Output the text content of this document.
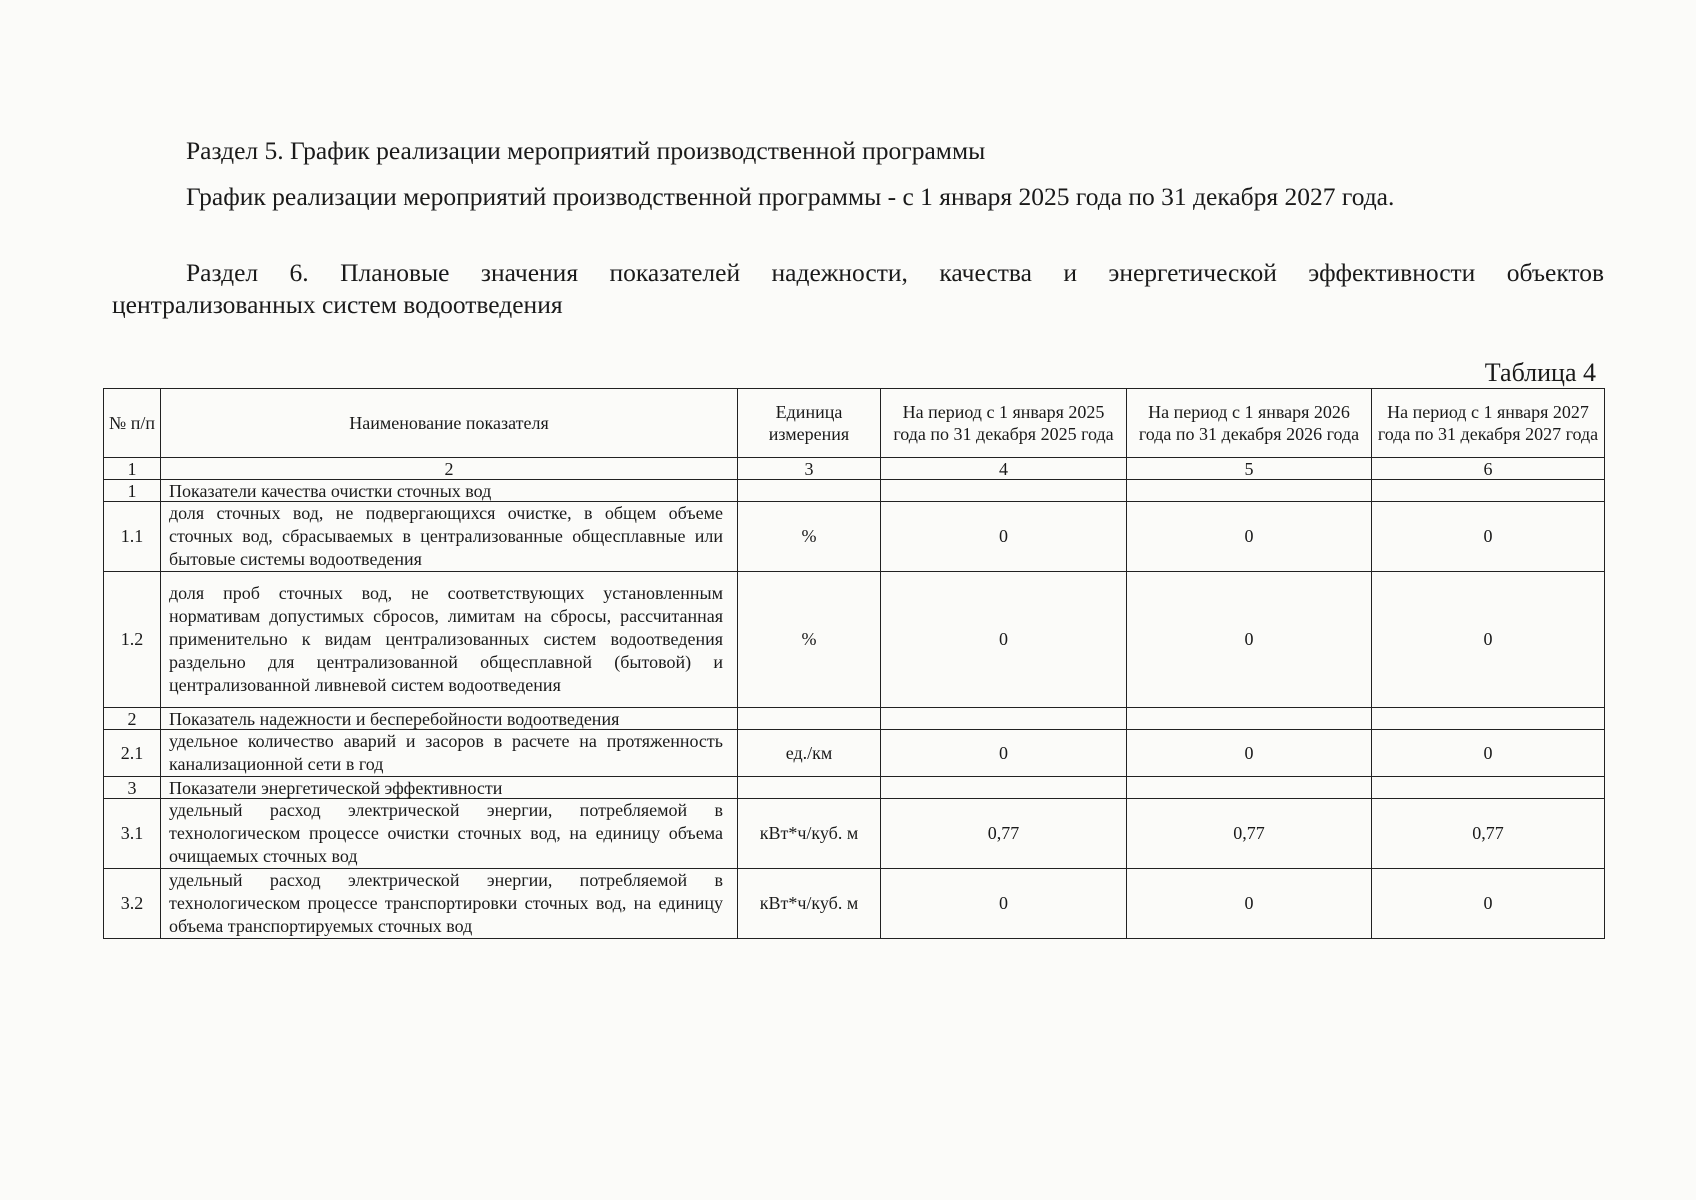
Раздел 5. График реализации мероприятий производственной программы
График реализации мероприятий производственной программы - с 1 января 2025 года по 31 декабря 2027 года.
Раздел 6. Плановые значения показателей надежности, качества и энергетической эффективности объектов
централизованных систем водоотведения
Таблица 4
№ п/п	Наименование показателя	Единица измерения	На период с 1 января 2025 года по 31 декабря 2025 года	На период с 1 января 2026 года по 31 декабря 2026 года	На период с 1 января 2027 года по 31 декабря 2027 года
1	2	3	4	5	6
1	Показатели качества очистки сточных вод				
1.1	доля сточных вод, не подвергающихся очистке, в общем объеме сточных вод, сбрасываемых в централизованные общесплавные или бытовые системы водоотведения	%	0	0	0
1.2	доля проб сточных вод, не соответствующих установленным нормативам допустимых сбросов, лимитам на сбросы, рассчитанная применительно к видам централизованных систем водоотведения раздельно для централизованной общесплавной (бытовой) и централизованной ливневой систем водоотведения	%	0	0	0
2	Показатель надежности и бесперебойности водоотведения				
2.1	удельное количество аварий и засоров в расчете на протяженность канализационной сети в год	ед./км	0	0	0
3	Показатели энергетической эффективности				
3.1	удельный расход электрической энергии, потребляемой в технологическом процессе очистки сточных вод, на единицу объема очищаемых сточных вод	кВт*ч/куб. м	0,77	0,77	0,77
3.2	удельный расход электрической энергии, потребляемой в технологическом процессе транспортировки сточных вод, на единицу объема транспортируемых сточных вод	кВт*ч/куб. м	0	0	0
